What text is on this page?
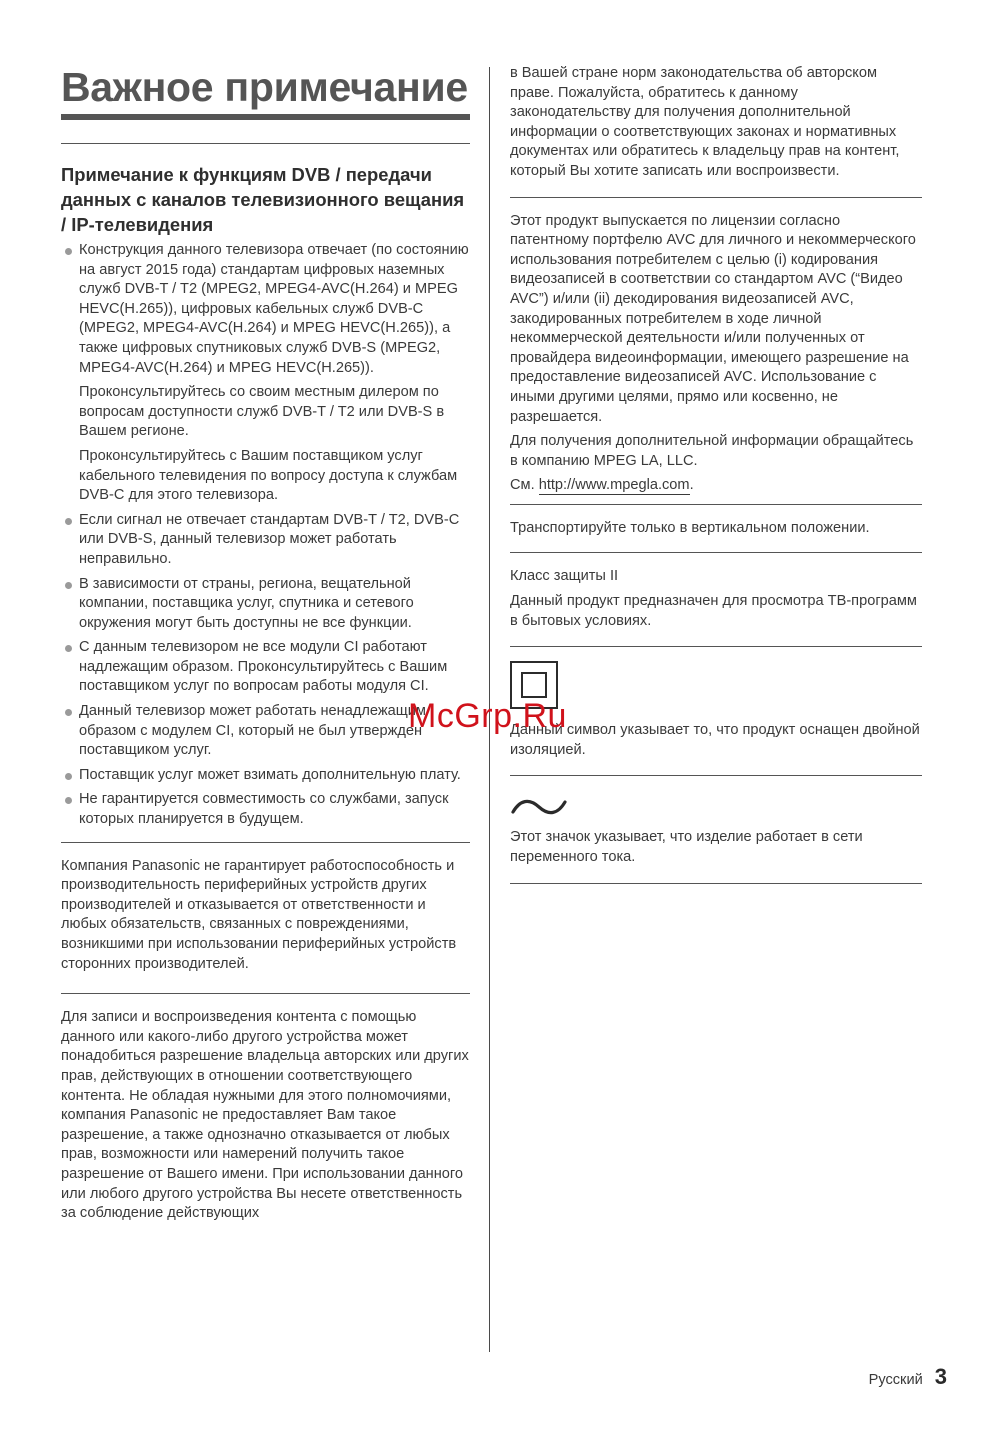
Важное примечание
Примечание к функциям DVB / передачи данных с каналов телевизионного вещания / IP-телевидения

Конструкция данного телевизора отвечает (по состоянию на август 2015 года) стандартам цифровых наземных служб DVB-T / T2 (MPEG2, MPEG4-AVC(H.264) и MPEG HEVC(H.265)), цифровых кабельных служб DVB-C (MPEG2, MPEG4-AVC(H.264) и MPEG HEVC(H.265)), а также цифровых спутниковых служб DVB-S (MPEG2, MPEG4-AVC(H.264) и MPEG HEVC(H.265)).

Проконсультируйтесь со своим местным дилером по вопросам доступности служб DVB-T / T2 или DVB-S в Вашем регионе.

Проконсультируйтесь с Вашим поставщиком услуг кабельного телевидения по вопросу доступа к службам DVB-C для этого телевизора.

Если сигнал не отвечает стандартам DVB-T / T2, DVB-C или DVB-S, данный телевизор может работать неправильно.
В зависимости от страны, региона, вещательной компании, поставщика услуг, спутника и сетевого окружения могут быть доступны не все функции.
С данным телевизором не все модули CI работают надлежащим образом. Проконсультируйтесь с Вашим поставщиком услуг по вопросам работы модуля CI.
Данный телевизор может работать ненадлежащим образом с модулем CI, который не был утвержден поставщиком услуг.
Поставщик услуг может взимать дополнительную плату.
Не гарантируется совместимость со службами, запуск которых планируется в будущем.

Компания Panasonic не гарантирует работоспособность и производительность периферийных устройств других производителей и отказывается от ответственности и любых обязательств, связанных с повреждениями, возникшими при использовании периферийных устройств сторонних производителей.

Для записи и воспроизведения контента с помощью данного или какого-либо другого устройства может понадобиться разрешение владельца авторских или других прав, действующих в отношении соответствующего контента. Не обладая нужными для этого полномочиями, компания Panasonic не предоставляет Вам такое разрешение, а также однозначно отказывается от любых прав, возможности или намерений получить такое разрешение от Вашего имени. При использовании данного или любого другого устройства Вы несете ответственность за соблюдение действующих

в Вашей стране норм законодательства об авторском праве. Пожалуйста, обратитесь к данному законодательству для получения дополнительной информации о соответствующих законах и нормативных документах или обратитесь к владельцу прав на контент, который Вы хотите записать или воспроизвести.

Этот продукт выпускается по лицензии согласно патентному портфелю AVC для личного и некоммерческого использования потребителем с целью (i) кодирования видеозаписей в соответствии со стандартом AVC (“Видео AVC”) и/или (ii) декодирования видеозаписей AVC, закодированных потребителем в ходе личной некоммерческой деятельности и/или полученных от провайдера видеоинформации, имеющего разрешение на предоставление видеозаписей AVC. Использование с иными другими целями, прямо или косвенно, не разрешается.

Для получения дополнительной информации обращайтесь в компанию MPEG LA, LLC.

См. http://www.mpegla.com.

Транспортируйте только в вертикальном положении.

Класс защиты II

Данный продукт предназначен для просмотра ТВ-программ в бытовых условиях.

Данный символ указывает то, что продукт оснащен двойной изоляцией.

Этот значок указывает, что изделие работает в сети переменного тока.

McGrp.Ru
Русский 3
